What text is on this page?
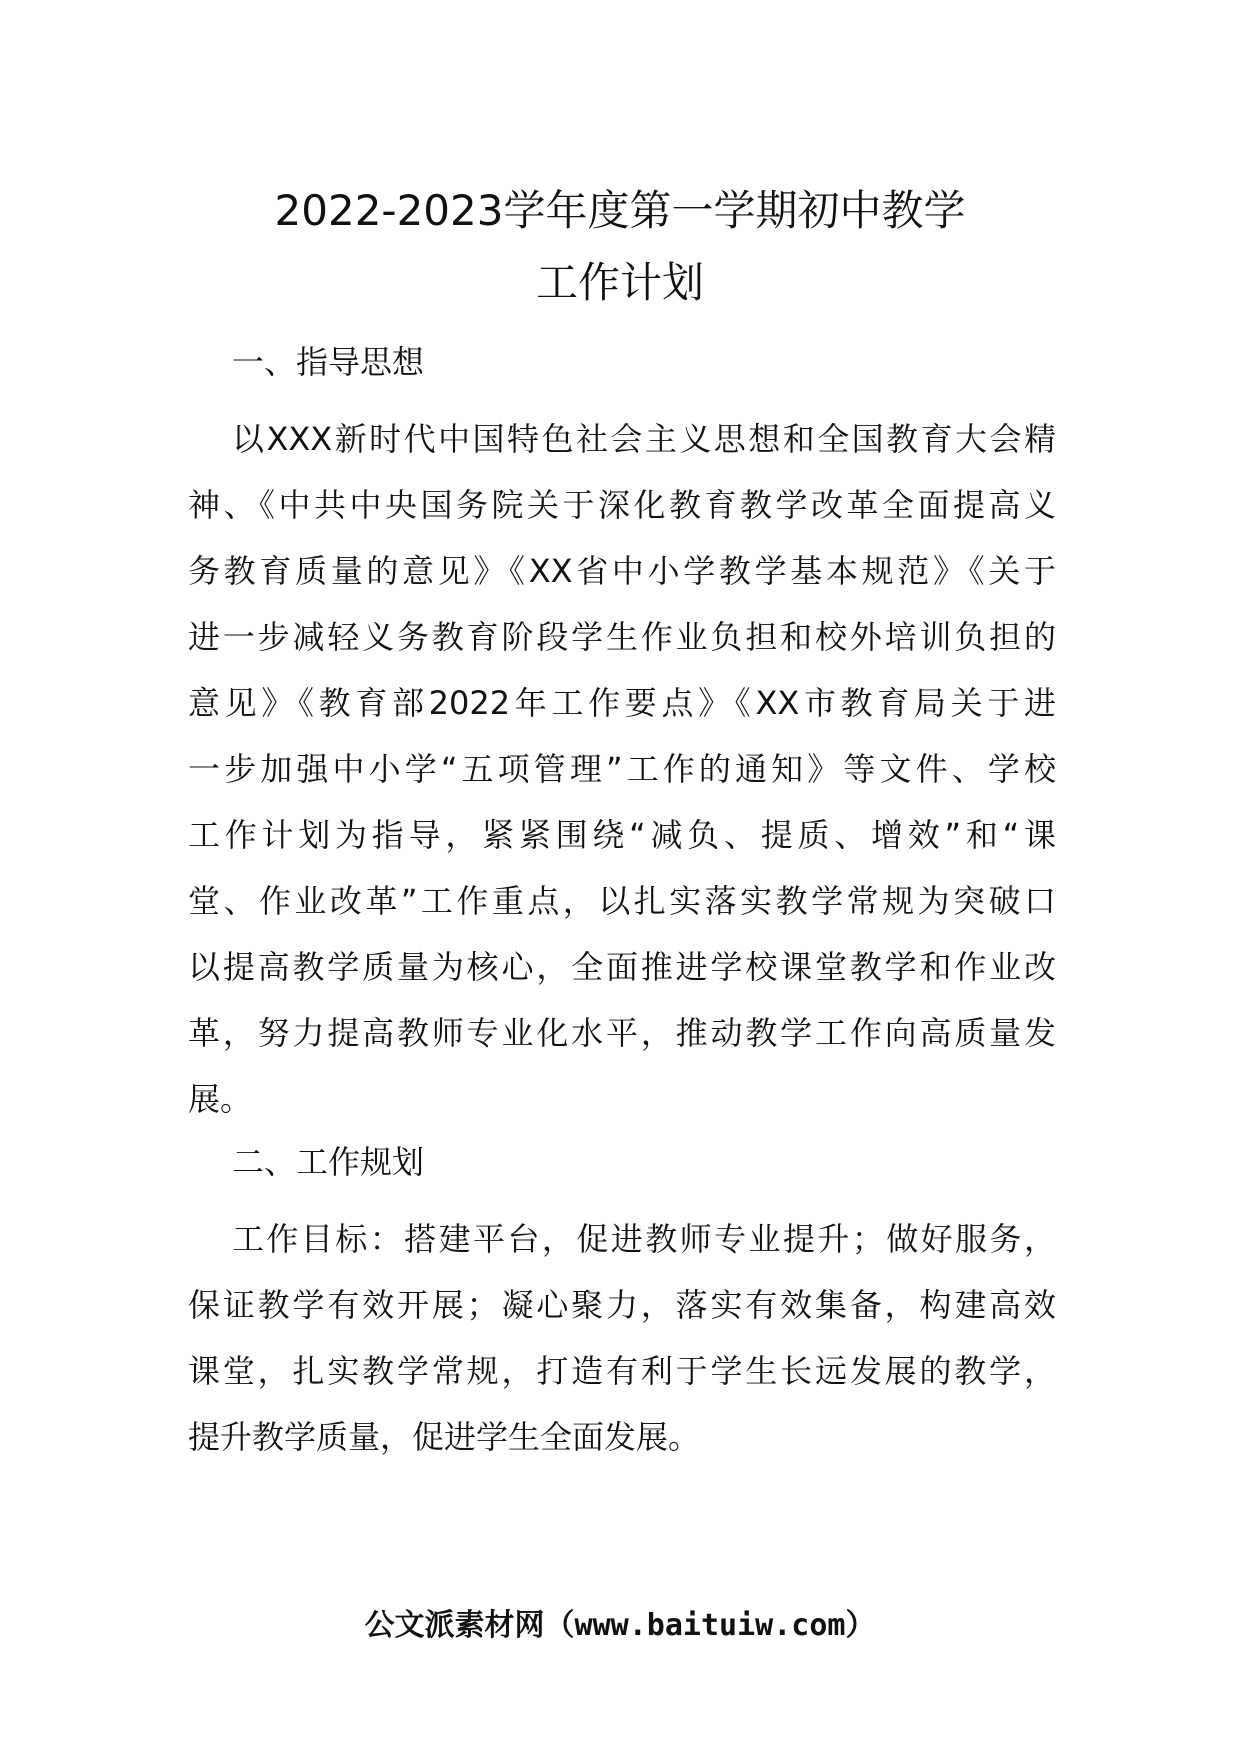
2022-2023学年度第一学期初中教学
工作计划
一、指导思想
以XXX新时代中国特色社会主义思想和全国教育大会精
神、《中共中央国务院关于深化教育教学改革全面提高义
务教育质量的意见》《XX省中小学教学基本规范》《关于
进一步减轻义务教育阶段学生作业负担和校外培训负担的
意见》《教育部2022年工作要点》《XX市教育局关于进
一步加强中小学“五项管理”工作的通知》等文件、学校
工作计划为指导，紧紧围绕“减负、提质、增效”和“课
堂、作业改革”工作重点，以扎实落实教学常规为突破口
以提高教学质量为核心，全面推进学校课堂教学和作业改
革，努力提高教师专业化水平，推动教学工作向高质量发
展。
二、工作规划
工作目标：搭建平台，促进教师专业提升；做好服务，
保证教学有效开展；凝心聚力，落实有效集备，构建高效
课堂，扎实教学常规，打造有利于学生长远发展的教学，
提升教学质量，促进学生全面发展。
公文派素材网（www.baituiw.com）
